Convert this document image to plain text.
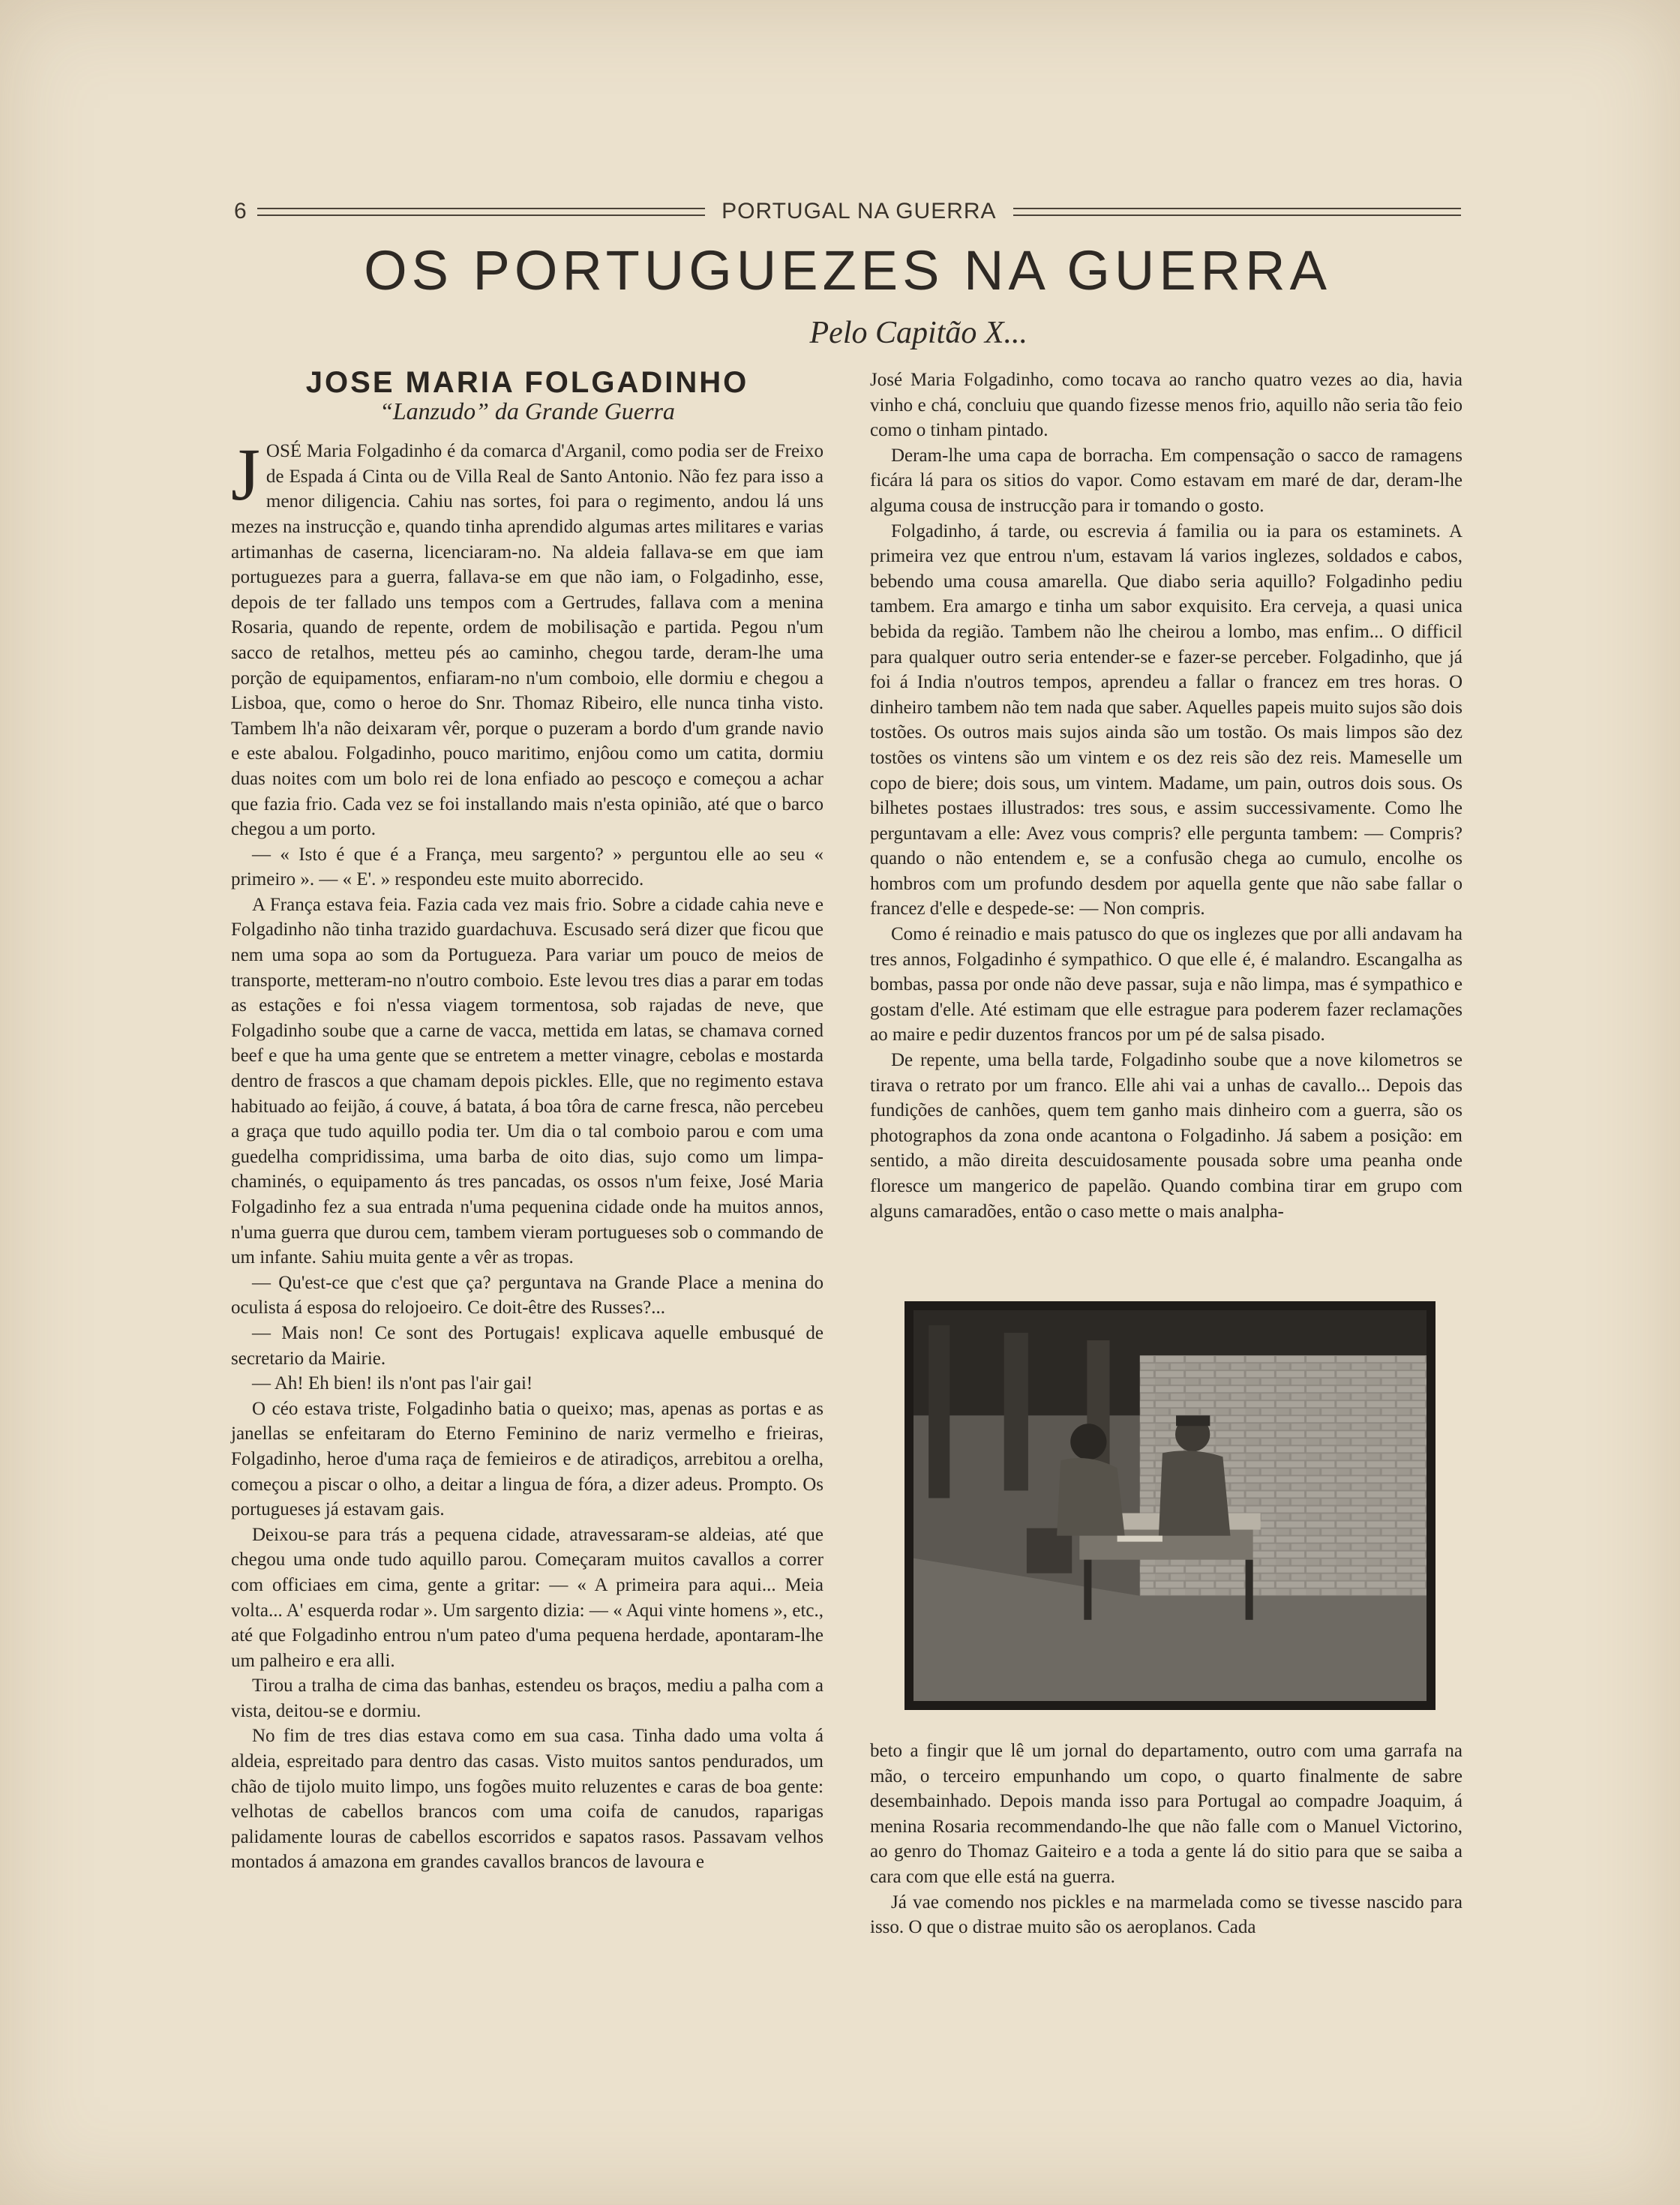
6	PORTUGAL NA GUERRA
OS PORTUGUEZES NA GUERRA
Pelo Capitão X...
JOSE MARIA FOLGADINHO
“Lanzudo” da Grande Guerra
J OSÉ Maria Folgadinho é da comarca d'Arganil, como podia ser de Freixo de Espada á Cinta ou de Villa Real de Santo Antonio. Não fez para isso a menor diligencia. Cahiu nas sortes, foi para o regimento, andou lá uns mezes na instrucção e, quando tinha aprendido algumas artes militares e varias artimanhas de caserna, licenciaram-no. Na aldeia fallava-se em que iam portuguezes para a guerra, fallava-se em que não iam, o Folgadinho, esse, depois de ter fallado uns tempos com a Gertrudes, fallava com a menina Rosaria, quando de repente, ordem de mobilisação e partida. Pegou n'um sacco de retalhos, metteu pés ao caminho, chegou tarde, deram-lhe uma porção de equipamentos, enfiaram-no n'um comboio, elle dormiu e chegou a Lisboa, que, como o heroe do Snr. Thomaz Ribeiro, elle nunca tinha visto. Tambem lh'a não deixaram vêr, porque o puzeram a bordo d'um grande navio e este abalou. Folgadinho, pouco maritimo, enjôou como um catita, dormiu duas noites com um bolo rei de lona enfiado ao pescoço e começou a achar que fazia frio. Cada vez se foi installando mais n'esta opinião, até que o barco chegou a um porto.

— « Isto é que é a França, meu sargento? » perguntou elle ao seu « primeiro ». — « E'. » respondeu este muito aborrecido.

A França estava feia. Fazia cada vez mais frio. Sobre a cidade cahia neve e Folgadinho não tinha trazido guardachuva. Escusado será dizer que ficou que nem uma sopa ao som da Portugueza. Para variar um pouco de meios de transporte, metteram-no n'outro comboio. Este levou tres dias a parar em todas as estações e foi n'essa viagem tormentosa, sob rajadas de neve, que Folgadinho soube que a carne de vacca, mettida em latas, se chamava corned beef e que ha uma gente que se entretem a metter vinagre, cebolas e mostarda dentro de frascos a que chamam depois pickles. Elle, que no regimento estava habituado ao feijão, á couve, á batata, á boa tôra de carne fresca, não percebeu a graça que tudo aquillo podia ter. Um dia o tal comboio parou e com uma guedelha compridissima, uma barba de oito dias, sujo como um limpa-chaminés, o equipamento ás tres pancadas, os ossos n'um feixe, José Maria Folgadinho fez a sua entrada n'uma pequenina cidade onde ha muitos annos, n'uma guerra que durou cem, tambem vieram portugueses sob o commando de um infante. Sahiu muita gente a vêr as tropas.

— Qu'est-ce que c'est que ça? perguntava na Grande Place a menina do oculista á esposa do relojoeiro. Ce doit-être des Russes?...

— Mais non! Ce sont des Portugais! explicava aquelle embusqué de secretario da Mairie.

— Ah! Eh bien! ils n'ont pas l'air gai!

O céo estava triste, Folgadinho batia o queixo; mas, apenas as portas e as janellas se enfeitaram do Eterno Feminino de nariz vermelho e frieiras, Folgadinho, heroe d'uma raça de femieiros e de atiradiços, arrebitou a orelha, começou a piscar o olho, a deitar a lingua de fóra, a dizer adeus. Prompto. Os portugueses já estavam gais.

Deixou-se para trás a pequena cidade, atravessaram-se aldeias, até que chegou uma onde tudo aquillo parou. Começaram muitos cavallos a correr com officiaes em cima, gente a gritar: — « A primeira para aqui... Meia volta... A' esquerda rodar ». Um sargento dizia: — « Aqui vinte homens », etc., até que Folgadinho entrou n'um pateo d'uma pequena herdade, apontaram-lhe um palheiro e era alli.

Tirou a tralha de cima das banhas, estendeu os braços, mediu a palha com a vista, deitou-se e dormiu.

No fim de tres dias estava como em sua casa. Tinha dado uma volta á aldeia, espreitado para dentro das casas. Visto muitos santos pendurados, um chão de tijolo muito limpo, uns fogões muito reluzentes e caras de boa gente: velhotas de cabellos brancos com uma coifa de canudos, raparigas palidamente louras de cabellos escorridos e sapatos rasos. Passavam velhos montados á amazona em grandes cavallos brancos de lavoura e

José Maria Folgadinho, como tocava ao rancho quatro vezes ao dia, havia vinho e chá, concluiu que quando fizesse menos frio, aquillo não seria tão feio como o tinham pintado.

Deram-lhe uma capa de borracha. Em compensação o sacco de ramagens ficára lá para os sitios do vapor. Como estavam em maré de dar, deram-lhe alguma cousa de instrucção para ir tomando o gosto.

Folgadinho, á tarde, ou escrevia á familia ou ia para os estaminets. A primeira vez que entrou n'um, estavam lá varios inglezes, soldados e cabos, bebendo uma cousa amarella. Que diabo seria aquillo? Folgadinho pediu tambem. Era amargo e tinha um sabor exquisito. Era cerveja, a quasi unica bebida da região. Tambem não lhe cheirou a lombo, mas enfim... O difficil para qualquer outro seria entender-se e fazer-se perceber. Folgadinho, que já foi á India n'outros tempos, aprendeu a fallar o francez em tres horas. O dinheiro tambem não tem nada que saber. Aquelles papeis muito sujos são dois tostões. Os outros mais sujos ainda são um tostão. Os mais limpos são dez tostões os vintens são um vintem e os dez reis são dez reis. Mameselle um copo de biere; dois sous, um vintem. Madame, um pain, outros dois sous. Os bilhetes postaes illustrados: tres sous, e assim successivamente. Como lhe perguntavam a elle: Avez vous compris? elle pergunta tambem: — Compris? quando o não entendem e, se a confusão chega ao cumulo, encolhe os hombros com um profundo desdem por aquella gente que não sabe fallar o francez d'elle e despede-se: — Non compris.

Como é reinadio e mais patusco do que os inglezes que por alli andavam ha tres annos, Folgadinho é sympathico. O que elle é, é malandro. Escangalha as bombas, passa por onde não deve passar, suja e não limpa, mas é sympathico e gostam d'elle. Até estimam que elle estrague para poderem fazer reclamações ao maire e pedir duzentos francos por um pé de salsa pisado.

De repente, uma bella tarde, Folgadinho soube que a nove kilometros se tirava o retrato por um franco. Elle ahi vai a unhas de cavallo... Depois das fundições de canhões, quem tem ganho mais dinheiro com a guerra, são os photographos da zona onde acantona o Folgadinho. Já sabem a posição: em sentido, a mão direita descuidosamente pousada sobre uma peanha onde floresce um mangerico de papelão. Quando combina tirar em grupo com alguns camaradões, então o caso mette o mais analpha-

beto a fingir que lê um jornal do departamento, outro com uma garrafa na mão, o terceiro empunhando um copo, o quarto finalmente de sabre desembainhado. Depois manda isso para Portugal ao compadre Joaquim, á menina Rosaria recommendando-lhe que não falle com o Manuel Victorino, ao genro do Thomaz Gaiteiro e a toda a gente lá do sitio para que se saiba a cara com que elle está na guerra.

Já vae comendo nos pickles e na marmelada como se tivesse nascido para isso. O que o distrae muito são os aeroplanos. Cada
